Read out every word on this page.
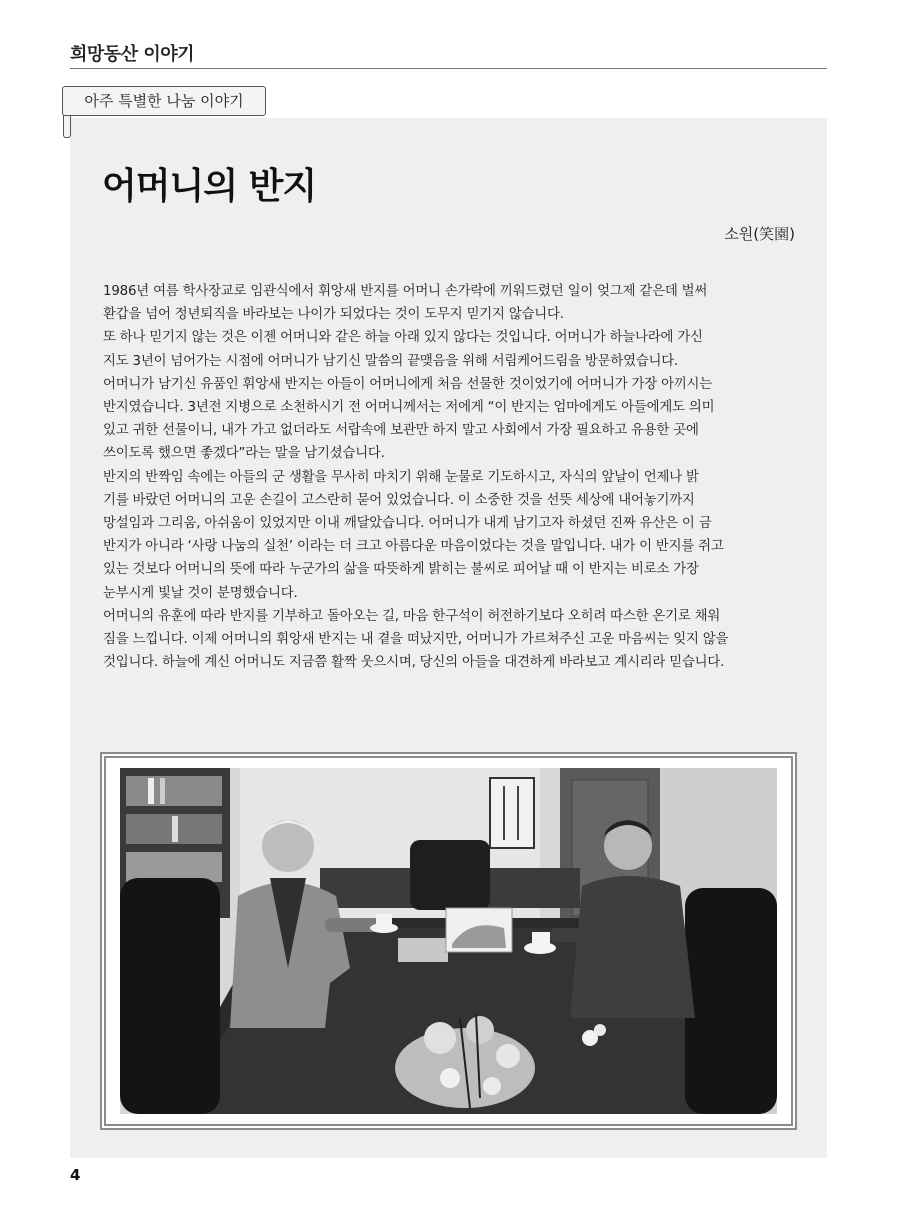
희망동산 이야기
아주 특별한 나눔 이야기
어머니의 반지
소원(笑園)

1986년 여름 학사장교로 임관식에서 휘앙새 반지를 어머니 손가락에 끼워드렸던 일이 엊그제 같은데 벌써

환갑을 넘어 정년퇴직을 바라보는 나이가 되었다는 것이 도무지 믿기지 않습니다.

또 하나 믿기지 않는 것은 이젠 어머니와 같은 하늘 아래 있지 않다는 것입니다. 어머니가 하늘나라에 가신

지도 3년이 넘어가는 시점에 어머니가 남기신 말씀의 끝맺음을 위해 서림케어드림을 방문하였습니다.

어머니가 남기신 유품인 휘앙새 반지는 아들이 어머니에게 처음 선물한 것이었기에 어머니가 가장 아끼시는

반지였습니다. 3년전 지병으로 소천하시기 전 어머니께서는 저에게 “이 반지는 엄마에게도 아들에게도 의미

있고 귀한 선물이니, 내가 가고 없더라도 서랍속에 보관만 하지 말고 사회에서 가장 필요하고 유용한 곳에

쓰이도록 했으면 좋겠다”라는 말을 남기셨습니다.

반지의 반짝임 속에는 아들의 군 생활을 무사히 마치기 위해 눈물로 기도하시고, 자식의 앞날이 언제나 밝

기를 바랐던 어머니의 고운 손길이 고스란히 묻어 있었습니다. 이 소중한 것을 선뜻 세상에 내어놓기까지

망설임과 그리움, 아쉬움이 있었지만 이내 깨달았습니다. 어머니가 내게 남기고자 하셨던 진짜 유산은 이 금

반지가 아니라 ‘사랑 나눔의 실천’ 이라는 더 크고 아름다운 마음이었다는 것을 말입니다. 내가 이 반지를 쥐고

있는 것보다 어머니의 뜻에 따라 누군가의 삶을 따뜻하게 밝히는 불씨로 피어날 때 이 반지는 비로소 가장

눈부시게 빛날 것이 분명했습니다.

어머니의 유훈에 따라 반지를 기부하고 돌아오는 길, 마음 한구석이 허전하기보다 오히려 따스한 온기로 채워

짐을 느낍니다. 이제 어머니의 휘앙새 반지는 내 곁을 떠났지만, 어머니가 가르쳐주신 고운 마음씨는 잊지 않을

것입니다. 하늘에 계신 어머니도 지금쯤 활짝 웃으시며, 당신의 아들을 대견하게 바라보고 계시리라 믿습니다.

4
